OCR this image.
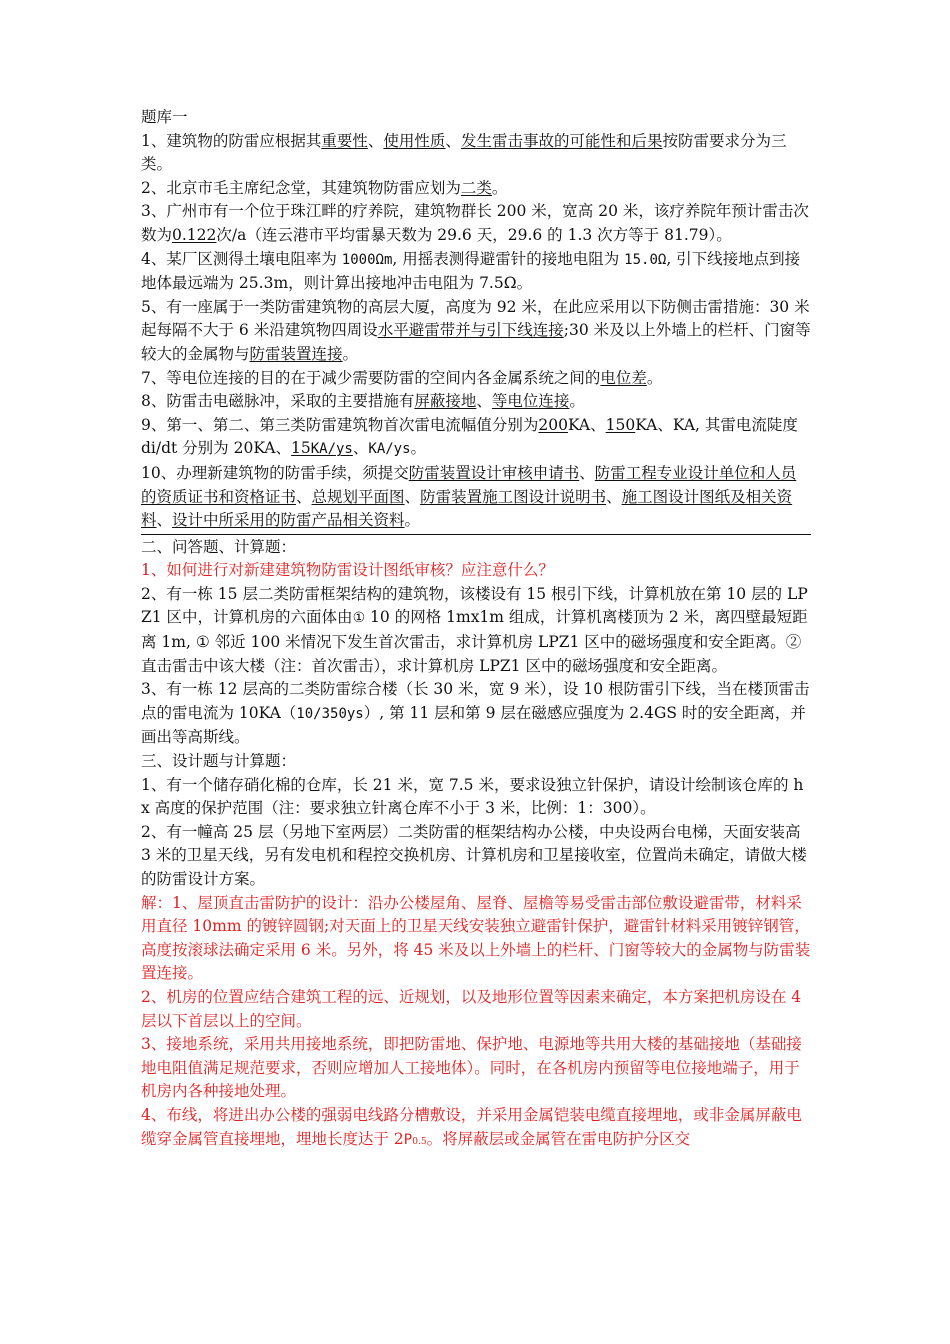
题库一

1、建筑物的防雷应根据其重要性、使用性质、发生雷击事故的可能性和后果按防雷要求分为三类。

2、北京市毛主席纪念堂，其建筑物防雷应划为二类。

3、广州市有一个位于珠江畔的疗养院，建筑物群长 200 米，宽高 20 米，该疗养院年预计雷击次数为0.122次/a（连云港市平均雷暴天数为 29.6 天，29.6 的 1.3 次方等于 81.79）。

4、某厂区测得土壤电阻率为 1000Ωm, 用摇表测得避雷针的接地电阻为 15.0Ω, 引下线接地点到接地体最远端为 25.3m，则计算出接地冲击电阻为 7.5Ω。

5、有一座属于一类防雷建筑物的高层大厦，高度为 92 米，在此应采用以下防侧击雷措施：30 米起每隔不大于 6 米沿建筑物四周设水平避雷带并与引下线连接;30 米及以上外墙上的栏杆、门窗等较大的金属物与防雷装置连接。

7、等电位连接的目的在于减少需要防雷的空间内各金属系统之间的电位差。

8、防雷击电磁脉冲，采取的主要措施有屏蔽接地、等电位连接。

9、第一、第二、第三类防雷建筑物首次雷电流幅值分别为200KA、150KA、KA, 其雷电流陡度 di/dt 分别为 20KA、15KA/ys、KA/ys。

10、办理新建筑物的防雷手续，须提交防雷装置设计审核申请书、防雷工程专业设计单位和人员的资质证书和资格证书、总规划平面图、防雷装置施工图设计说明书、施工图设计图纸及相关资料、设计中所采用的防雷产品相关资料。

二、问答题、计算题：

1、如何进行对新建建筑物防雷设计图纸审核？应注意什么？

2、有一栋 15 层二类防雷框架结构的建筑物，该楼设有 15 根引下线，计算机放在第 10 层的 LPZ1 区中，计算机房的六面体由① 10 的网格 1mx1m 组成，计算机离楼顶为 2 米，离四壁最短距离 1m, ① 邻近 100 米情况下发生首次雷击，求计算机房 LPZ1 区中的磁场强度和安全距离。②直击雷击中该大楼（注：首次雷击），求计算机房 LPZ1 区中的磁场强度和安全距离。

3、有一栋 12 层高的二类防雷综合楼（长 30 米，宽 9 米），设 10 根防雷引下线，当在楼顶雷击点的雷电流为 10KA（10/350ys）, 第 11 层和第 9 层在磁感应强度为 2.4GS 时的安全距离，并画出等高斯线。

三、设计题与计算题：

1、有一个储存硝化棉的仓库，长 21 米，宽 7.5 米，要求设独立针保护，请设计绘制该仓库的 hx 高度的保护范围（注：要求独立针离仓库不小于 3 米，比例：1：300）。

2、有一幢高 25 层（另地下室两层）二类防雷的框架结构办公楼，中央设两台电梯，天面安装高 3 米的卫星天线，另有发电机和程控交换机房、计算机房和卫星接收室，位置尚未确定，请做大楼的防雷设计方案。

解：1、屋顶直击雷防护的设计：沿办公楼屋角、屋脊、屋檐等易受雷击部位敷设避雷带，材料采用直径 10mm 的镀锌圆钢;对天面上的卫星天线安装独立避雷针保护，避雷针材料采用镀锌钢管，高度按滚球法确定采用 6 米。另外，将 45 米及以上外墙上的栏杆、门窗等较大的金属物与防雷装置连接。

2、机房的位置应结合建筑工程的远、近规划，以及地形位置等因素来确定，本方案把机房设在 4 层以下首层以上的空间。

3、接地系统，采用共用接地系统，即把防雷地、保护地、电源地等共用大楼的基础接地（基础接地电阻值满足规范要求，否则应增加人工接地体）。同时，在各机房内预留等电位接地端子，用于机房内各种接地处理。

4、布线，将进出办公楼的强弱电线路分槽敷设，并采用金属铠装电缆直接埋地，或非金属屏蔽电缆穿金属管直接埋地，埋地长度达于 2P0.5。将屏蔽层或金属管在雷电防护分区交
